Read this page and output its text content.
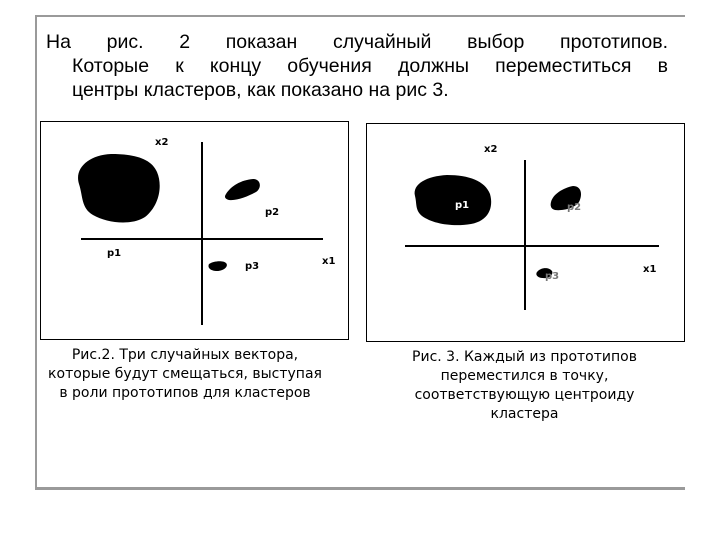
На рис. 2 показан случайный выбор прототипов.
Которые к концу обучения должны переместиться в
центры кластеров, как показано на рис 3.
x2
p2
p1
p3	x1
Рис.2. Три случайных вектора,
которые будут смещаться, выступая
в роли прототипов для кластеров
x2
p1	p2
p3
x1
Рис. 3. Каждый из прототипов
переместился в точку,
соответствующую центроиду
кластера
